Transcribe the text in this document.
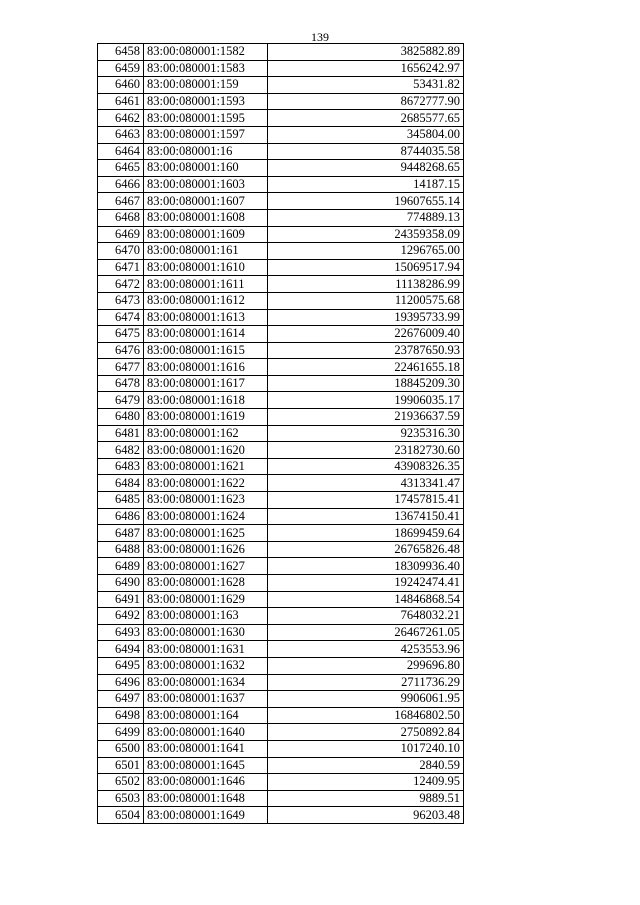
139
6458	83:00:080001:1582	3825882.89
6459	83:00:080001:1583	1656242.97
6460	83:00:080001:159	53431.82
6461	83:00:080001:1593	8672777.90
6462	83:00:080001:1595	2685577.65
6463	83:00:080001:1597	345804.00
6464	83:00:080001:16	8744035.58
6465	83:00:080001:160	9448268.65
6466	83:00:080001:1603	14187.15
6467	83:00:080001:1607	19607655.14
6468	83:00:080001:1608	774889.13
6469	83:00:080001:1609	24359358.09
6470	83:00:080001:161	1296765.00
6471	83:00:080001:1610	15069517.94
6472	83:00:080001:1611	11138286.99
6473	83:00:080001:1612	11200575.68
6474	83:00:080001:1613	19395733.99
6475	83:00:080001:1614	22676009.40
6476	83:00:080001:1615	23787650.93
6477	83:00:080001:1616	22461655.18
6478	83:00:080001:1617	18845209.30
6479	83:00:080001:1618	19906035.17
6480	83:00:080001:1619	21936637.59
6481	83:00:080001:162	9235316.30
6482	83:00:080001:1620	23182730.60
6483	83:00:080001:1621	43908326.35
6484	83:00:080001:1622	4313341.47
6485	83:00:080001:1623	17457815.41
6486	83:00:080001:1624	13674150.41
6487	83:00:080001:1625	18699459.64
6488	83:00:080001:1626	26765826.48
6489	83:00:080001:1627	18309936.40
6490	83:00:080001:1628	19242474.41
6491	83:00:080001:1629	14846868.54
6492	83:00:080001:163	7648032.21
6493	83:00:080001:1630	26467261.05
6494	83:00:080001:1631	4253553.96
6495	83:00:080001:1632	299696.80
6496	83:00:080001:1634	2711736.29
6497	83:00:080001:1637	9906061.95
6498	83:00:080001:164	16846802.50
6499	83:00:080001:1640	2750892.84
6500	83:00:080001:1641	1017240.10
6501	83:00:080001:1645	2840.59
6502	83:00:080001:1646	12409.95
6503	83:00:080001:1648	9889.51
6504	83:00:080001:1649	96203.48
